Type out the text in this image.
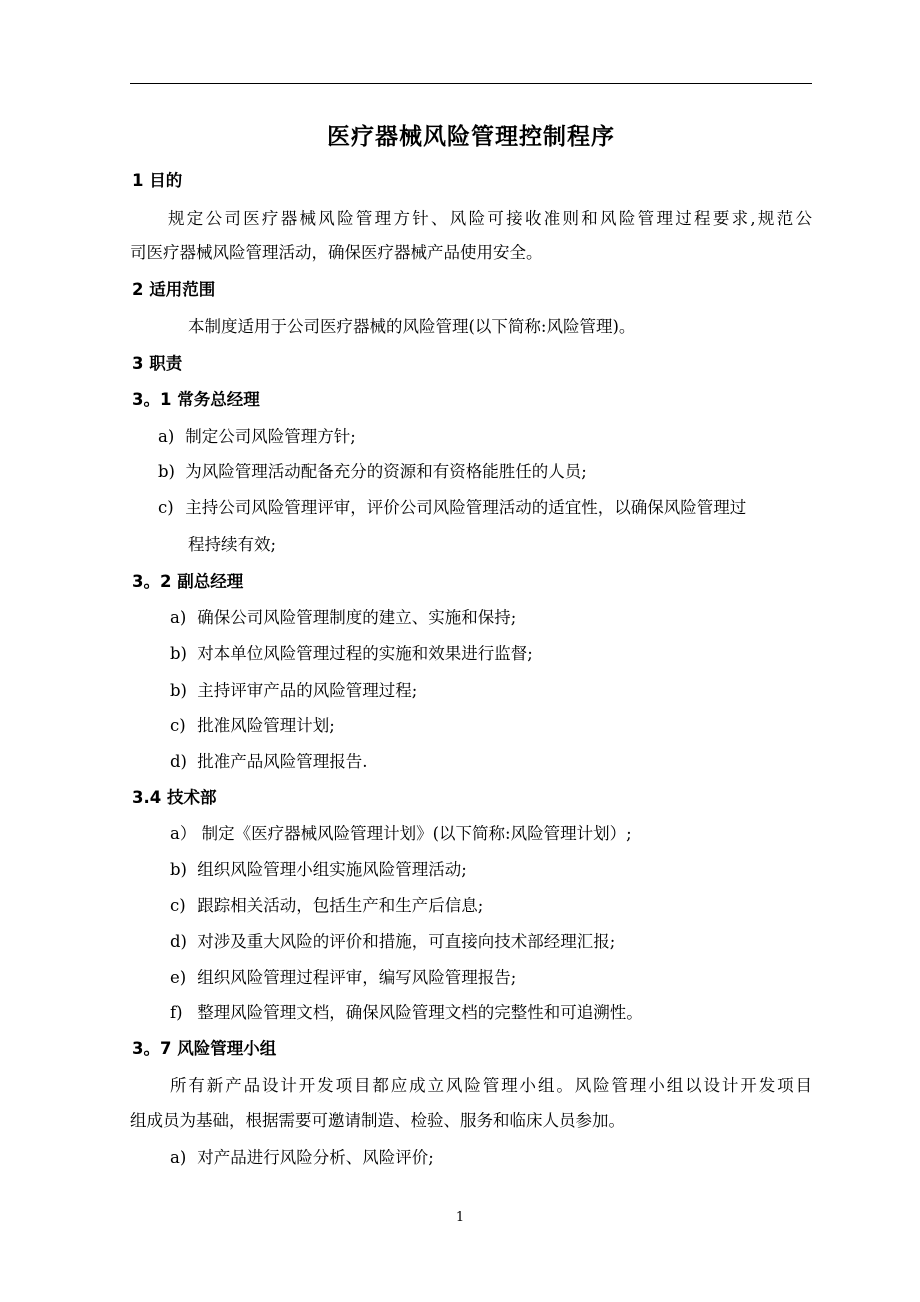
医疗器械风险管理控制程序
1 目的
规定公司医疗器械风险管理方针、风险可接收准则和风险管理过程要求,规范公
司医疗器械风险管理活动，确保医疗器械产品使用安全。
2 适用范围
本制度适用于公司医疗器械的风险管理(以下简称:风险管理)。
3 职责
3。1 常务总经理
a) 制定公司风险管理方针;
b) 为风险管理活动配备充分的资源和有资格能胜任的人员;
c) 主持公司风险管理评审，评价公司风险管理活动的适宜性，以确保风险管理过
程持续有效;
3。2 副总经理
a) 确保公司风险管理制度的建立、实施和保持;
b) 对本单位风险管理过程的实施和效果进行监督;
b) 主持评审产品的风险管理过程;
c) 批准风险管理计划;
d) 批准产品风险管理报告.
3.4 技术部
a） 制定《医疗器械风险管理计划》(以下简称:风险管理计划）;
b) 组织风险管理小组实施风险管理活动;
c) 跟踪相关活动，包括生产和生产后信息;
d) 对涉及重大风险的评价和措施，可直接向技术部经理汇报;
e) 组织风险管理过程评审，编写风险管理报告;
f) 整理风险管理文档，确保风险管理文档的完整性和可追溯性。
3。7 风险管理小组
所有新产品设计开发项目都应成立风险管理小组。风险管理小组以设计开发项目
组成员为基础，根据需要可邀请制造、检验、服务和临床人员参加。
a) 对产品进行风险分析、风险评价;
1
